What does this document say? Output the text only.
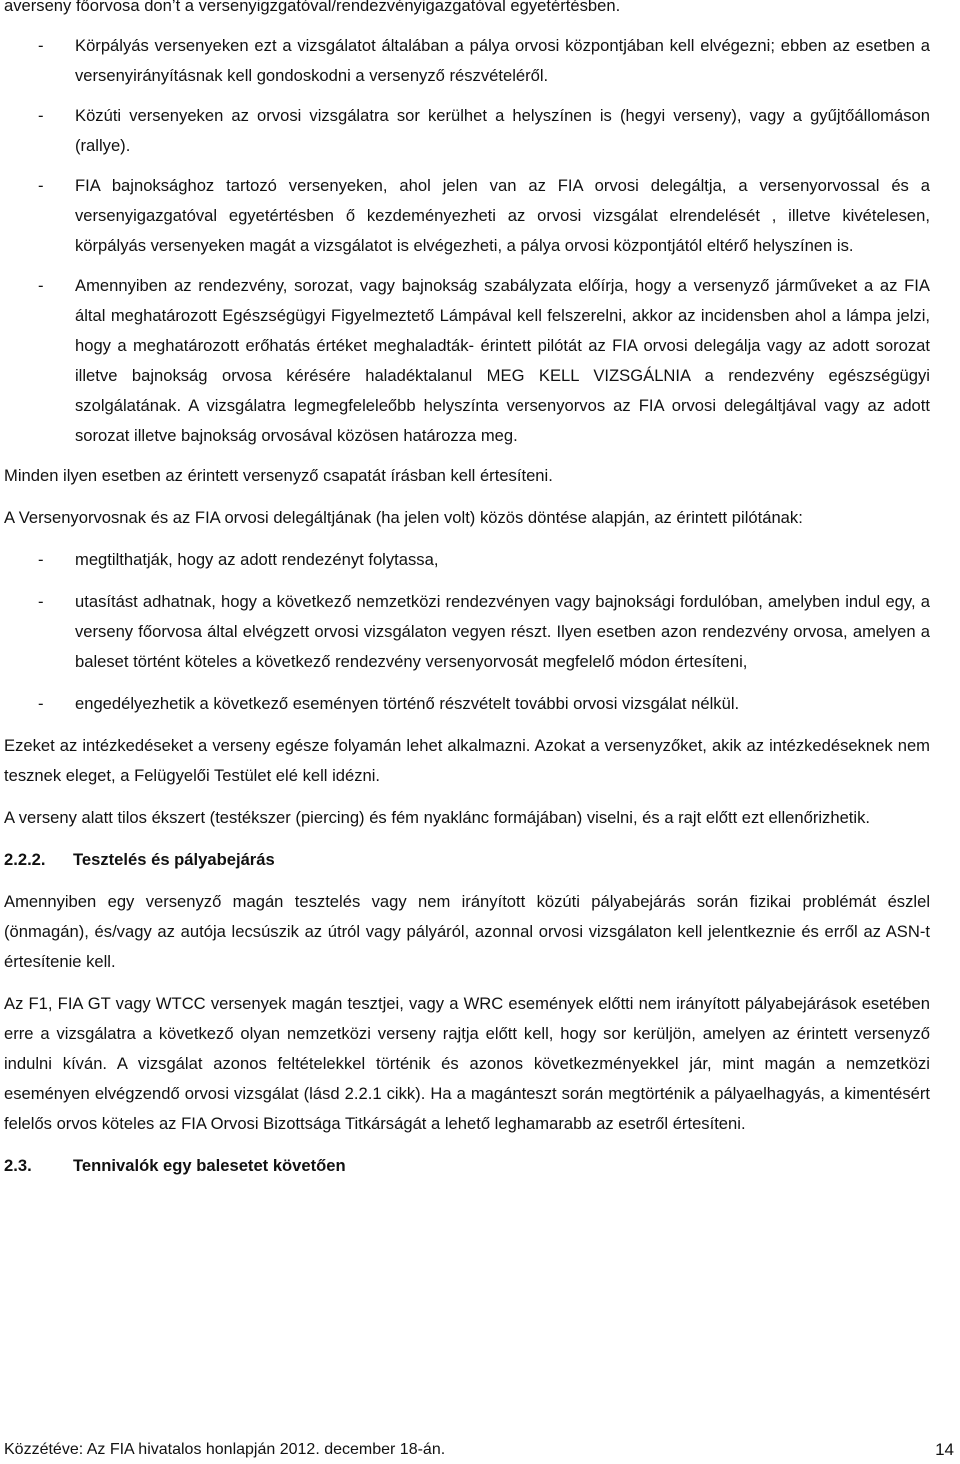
averseny főorvosa don’t a versenyigzgatóval/rendezvényigazgatóval egyetértésben.

- Körpályás versenyeken ezt a vizsgálatot általában a pálya orvosi központjában kell elvégezni; ebben az esetben a versenyirányításnak kell gondoskodni a versenyző részvételéről.
- Közúti versenyeken az orvosi vizsgálatra sor kerülhet a helyszínen is (hegyi verseny), vagy a gyűjtőállomáson (rallye).
- FIA bajnoksághoz tartozó versenyeken, ahol jelen van az FIA orvosi delegáltja, a versenyorvossal és a versenyigazgatóval egyetértésben ő kezdeményezheti az orvosi vizsgálat elrendelését , illetve kivételesen, körpályás versenyeken magát a vizsgálatot is elvégezheti, a pálya orvosi központjától eltérő helyszínen is.
- Amennyiben az rendezvény, sorozat, vagy bajnokság szabályzata előírja, hogy a versenyző járműveket a az FIA által meghatározott Egészségügyi Figyelmeztető Lámpával kell felszerelni, akkor az incidensben ahol a lámpa jelzi, hogy a meghatározott erőhatás értéket meghaladták- érintett pilótát az FIA orvosi delegálja vagy az adott sorozat illetve bajnokság orvosa kérésére haladéktalanul MEG KELL VIZSGÁLNIA a rendezvény egészségügyi szolgálatának. A vizsgálatra legmegfeleleőbb helyszínta versenyorvos az FIA orvosi delegáltjával vagy az adott sorozat illetve bajnokság orvosával közösen határozza meg.

Minden ilyen esetben az érintett versenyző csapatát írásban kell értesíteni.

A Versenyorvosnak és az FIA orvosi delegáltjának (ha jelen volt) közös döntése alapján, az érintett pilótának:

- megtilthatják, hogy az adott rendezényt folytassa,
- utasítást adhatnak, hogy a következő nemzetközi rendezvényen vagy bajnoksági fordulóban, amelyben indul egy, a verseny főorvosa által elvégzett orvosi vizsgálaton vegyen részt. Ilyen esetben azon rendezvény orvosa, amelyen a baleset történt köteles a következő rendezvény versenyorvosát megfelelő módon értesíteni,
- engedélyezhetik a következő eseményen történő részvételt további orvosi vizsgálat nélkül.

Ezeket az intézkedéseket a verseny egésze folyamán lehet alkalmazni. Azokat a versenyzőket, akik az intézkedéseknek nem tesznek eleget, a Felügyelői Testület elé kell idézni.

A verseny alatt tilos ékszert (testékszer (piercing) és fém nyaklánc formájában) viselni, és a rajt előtt ezt ellenőrizhetik.

2.2.2.	Tesztelés és pályabejárás

Amennyiben egy versenyző magán tesztelés vagy nem irányított közúti pályabejárás során fizikai problémát észlel (önmagán), és/vagy az autója lecsúszik az útról vagy pályáról, azonnal orvosi vizsgálaton kell jelentkeznie és erről az ASN-t értesítenie kell.

Az F1, FIA GT vagy WTCC versenyek magán tesztjei, vagy a WRC események előtti nem irányított pályabejárások esetében erre a vizsgálatra a következő olyan nemzetközi verseny rajtja előtt kell, hogy sor kerüljön, amelyen az érintett versenyző indulni kíván. A vizsgálat azonos feltételekkel történik és azonos következményekkel jár, mint magán a nemzetközi eseményen elvégzendő orvosi vizsgálat (lásd 2.2.1 cikk). Ha a magánteszt során megtörténik a pályaelhagyás, a kimentésért felelős orvos köteles az FIA Orvosi Bizottsága Titkárságát a lehető leghamarabb az esetről értesíteni.

2.3.	Tennivalók egy balesetet követően
Közzétéve: Az FIA hivatalos honlapján 2012. december 18-án.	14
